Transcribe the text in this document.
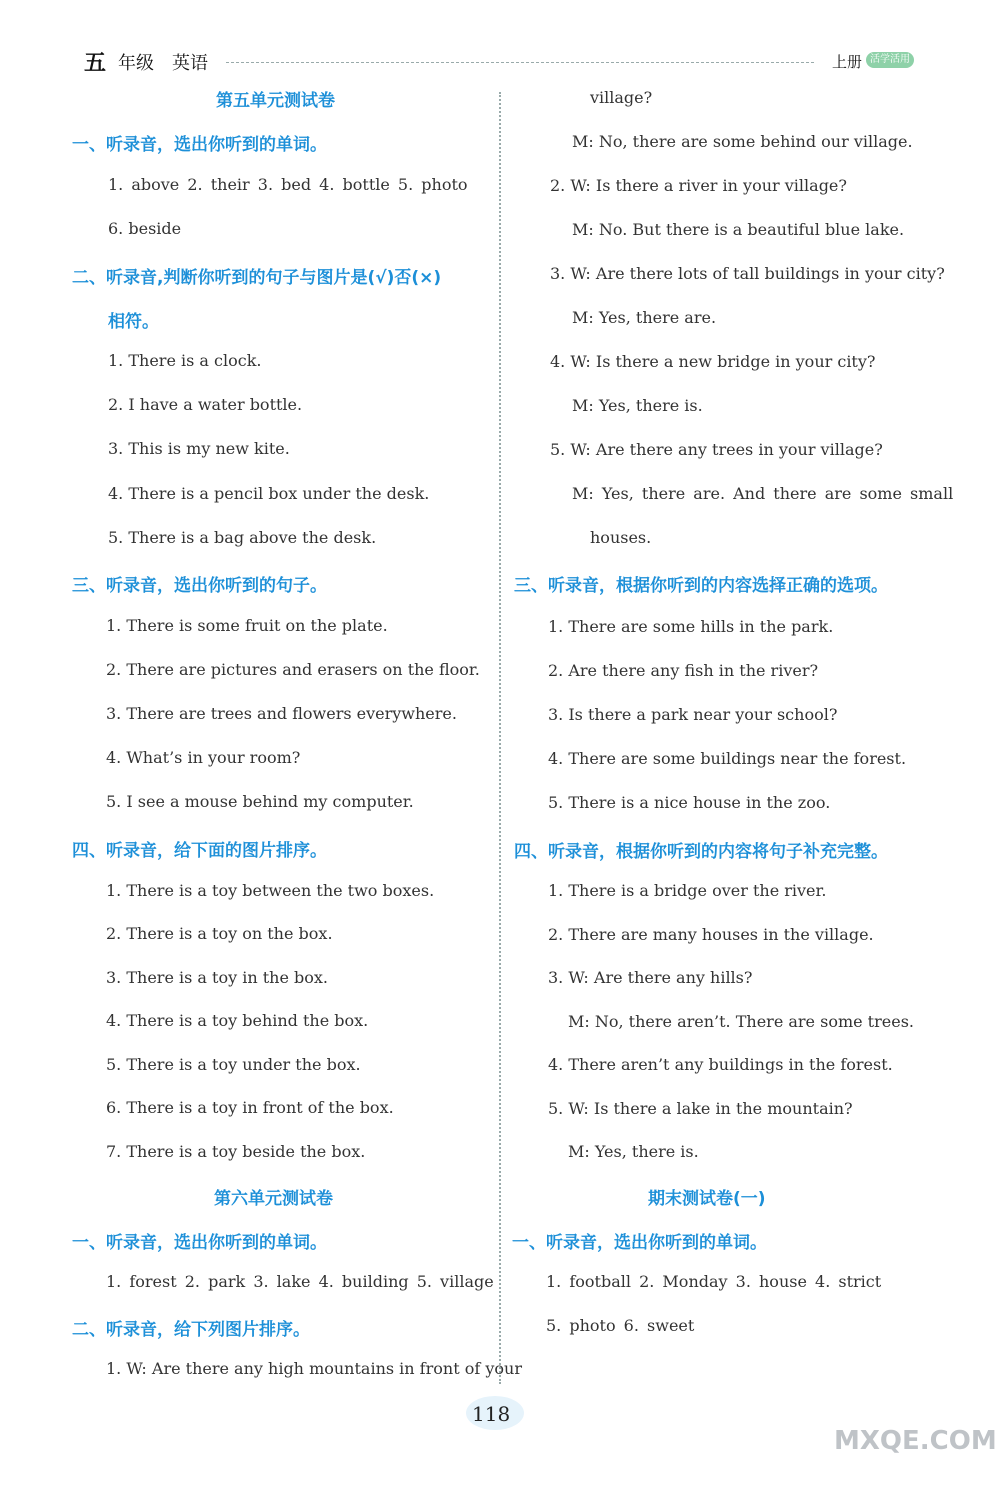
五 年级 英语	上册 活学活用
第五单元测试卷
一、听录音，选出你听到的单词。
1. above 2. their 3. bed 4. bottle 5. photo
6. beside
二、听录音,判断你听到的句子与图片是(√)否(×)
相符。
1. There is a clock.
2. I have a water bottle.
3. This is my new kite.
4. There is a pencil box under the desk.
5. There is a bag above the desk.
三、听录音，选出你听到的句子。
1. There is some fruit on the plate.
2. There are pictures and erasers on the floor.
3. There are trees and flowers everywhere.
4. What’s in your room?
5. I see a mouse behind my computer.
四、听录音，给下面的图片排序。
1. There is a toy between the two boxes.
2. There is a toy on the box.
3. There is a toy in the box.
4. There is a toy behind the box.
5. There is a toy under the box.
6. There is a toy in front of the box.
7. There is a toy beside the box.
第六单元测试卷
一、听录音，选出你听到的单词。
1. forest 2. park 3. lake 4. building 5. village
二、听录音，给下列图片排序。
1. W: Are there any high mountains in front of your
village?
M: No, there are some behind our village.
2. W: Is there a river in your village?
M: No. But there is a beautiful blue lake.
3. W: Are there lots of tall buildings in your city?
M: Yes, there are.
4. W: Is there a new bridge in your city?
M: Yes, there is.
5. W: Are there any trees in your village?
M: Yes, there are. And there are some small
houses.
三、听录音，根据你听到的内容选择正确的选项。
1. There are some hills in the park.
2. Are there any fish in the river?
3. Is there a park near your school?
4. There are some buildings near the forest.
5. There is a nice house in the zoo.
四、听录音，根据你听到的内容将句子补充完整。
1. There is a bridge over the river.
2. There are many houses in the village.
3. W: Are there any hills?
M: No, there aren’t. There are some trees.
4. There aren’t any buildings in the forest.
5. W: Is there a lake in the mountain?
M: Yes, there is.
期末测试卷(一)
一、听录音，选出你听到的单词。
1. football 2. Monday 3. house 4. strict
5. photo 6. sweet
118
MXQE.COM
